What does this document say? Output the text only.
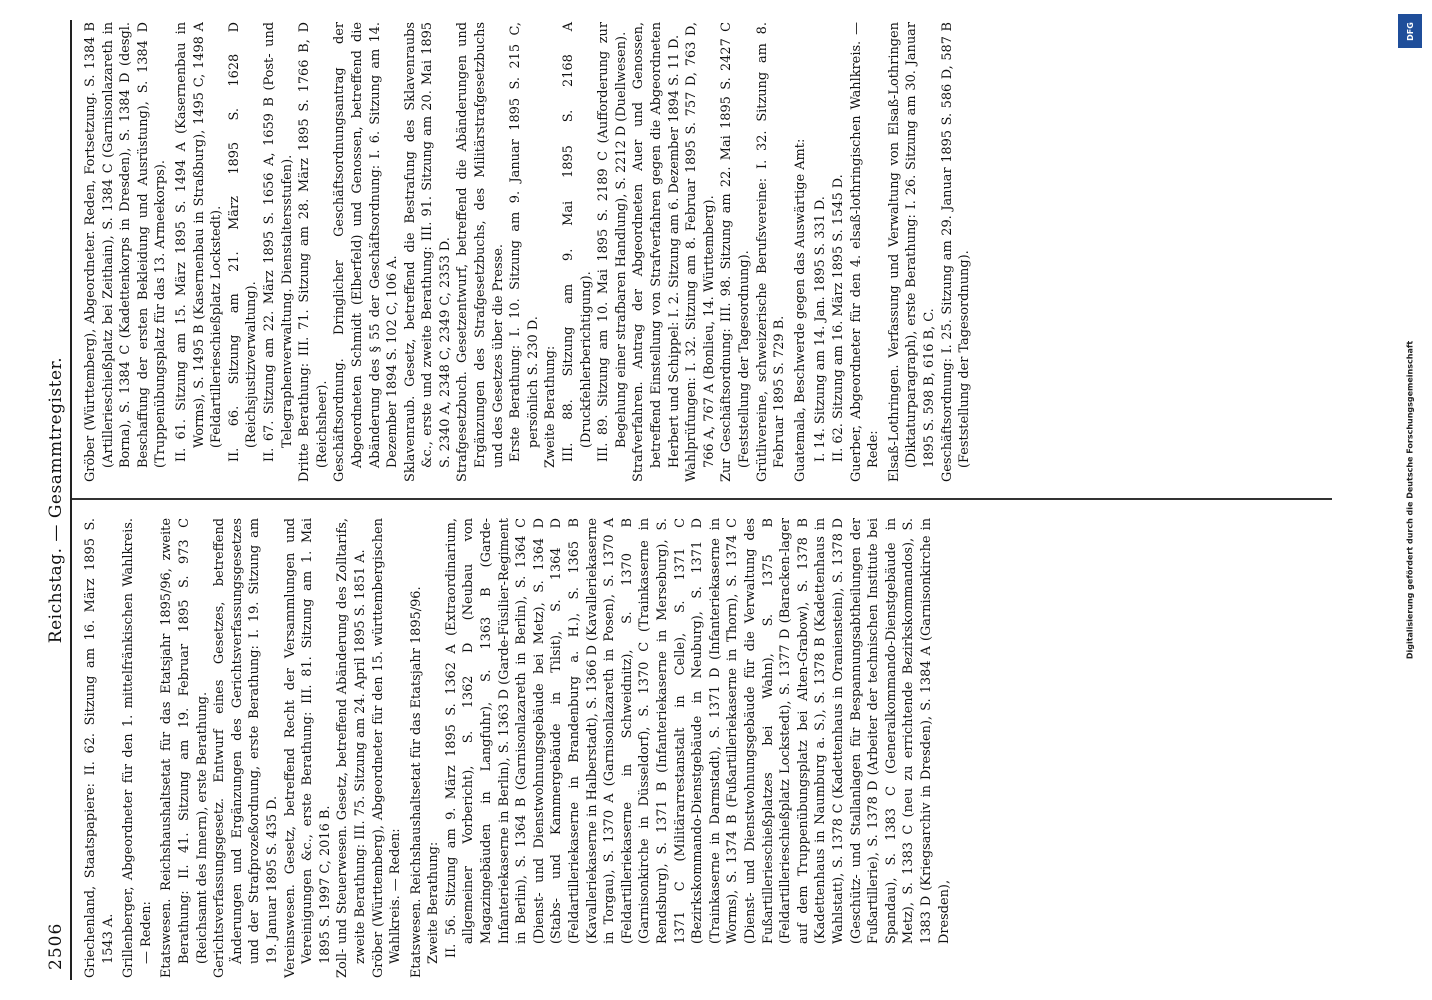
2506
Reichstag. — Gesammtregister.

Griechenland, Staatspapiere: II. 62. Sitzung am 16. März 1895 S. 1543 A. Grillenberger, Abgeordneter für den 1. mittelfränkischen Wahlkreis. — Reden: Etatswesen. Reichshaushaltsetat für das Etatsjahr 1895/96, zweite Berathung: II. 41. Sitzung am 19. Februar 1895 S. 973 C (Reichsamt des Innern), erste Berathung. Gerichtsverfassungsgesetz. Entwurf eines Gesetzes, betreffend Änderungen und Ergänzungen des Gerichtsverfassungsgesetzes und der Strafprozeßordnung, erste Berathung: I. 19. Sitzung am 19. Januar 1895 S. 435 D. Vereinswesen. Gesetz, betreffend Recht der Versammlungen und Vereinigungen &c., erste Berathung: III. 81. Sitzung am 1. Mai 1895 S. 1997 C, 2016 B. Zoll- und Steuerwesen. Gesetz, betreffend Abänderung des Zolltarifs, zweite Berathung: III. 75. Sitzung am 24. April 1895 S. 1851 A. Gröber (Württemberg), Abgeordneter für den 15. württembergischen Wahlkreis. — Reden: Etatswesen. Reichshaushaltsetat für das Etatsjahr 1895/96. Zweite Berathung: II. 56. Sitzung am 9. März 1895 S. 1362 A (Extraordinarium, allgemeiner Vorbericht), S. 1362 D (Neubau von Magazingebäuden in Langfuhr), S. 1363 B (Garde-Infanteriekaserne in Berlin), S. 1363 D (Garde-Füsilier-Regiment in Berlin), S. 1364 B (Garnisonlazareth in Berlin), S. 1364 C (Dienst- und Dienstwohnungsgebäude bei Metz), S. 1364 D (Stabs- und Kammergebäude in Tilsit), S. 1364 D (Feldartilleriekaserne in Brandenburg a. H.), S. 1365 B (Kavalleriekaserne in Halberstadt), S. 1366 D (Kavalleriekaserne in Torgau), S. 1370 A (Garnisonlazareth in Posen), S. 1370 A (Feldartilleriekaserne in Schweidnitz), S. 1370 B (Garnisonkirche in Düsseldorf), S. 1370 C (Trainkaserne in Rendsburg), S. 1371 B (Infanteriekaserne in Merseburg), S. 1371 C (Militärarrestanstalt in Celle), S. 1371 C (Bezirkskommando-Dienstgebäude in Neuburg), S. 1371 D (Trainkaserne in Darmstadt), S. 1371 D (Infanteriekaserne in Worms), S. 1374 B (Fußartilleriekaserne in Thorn), S. 1374 C (Dienst- und Dienstwohnungsgebäude für die Verwaltung des Fußartillerieschießplatzes bei Wahn), S. 1375 B (Feldartillerieschießplatz Lockstedt), S. 1377 D (Baracken-lager auf dem Truppenübungsplatz bei Alten-Grabow), S. 1378 B (Kadettenhaus in Naumburg a. S.), S. 1378 B (Kadettenhaus in Wahlstatt), S. 1378 C (Kadettenhaus in Oranienstein), S. 1378 D (Geschütz- und Stallanlagen für Bespannungsabtheilungen der Fußartillerie), S. 1378 D (Arbeiter der technischen Institute bei Spandau), S. 1383 C (Generalkommando-Dienstgebäude in Metz), S. 1383 C (neu zu errichtende Bezirkskommandos), S. 1383 D (Kriegsarchiv in Dresden), S. 1384 A (Garnisonkirche in Dresden),

Gröber (Württemberg), Abgeordneter. Reden, Fortsetzung. S. 1384 B (Artillerieschießplatz bei Zeithain), S. 1384 C (Garnisonlazareth in Borna), S. 1384 C (Kadettenkorps in Dresden), S. 1384 D (desgl. Beschaffung der ersten Bekleidung und Ausrüstung), S. 1384 D (Truppenübungsplatz für das 13. Armeekorps). II. 61. Sitzung am 15. März 1895 S. 1494 A (Kasernenbau in Worms), S. 1495 B (Kasernenbau in Straßburg), 1495 C, 1498 A (Feldartillerieschießplatz Lockstedt). II. 66. Sitzung am 21. März 1895 S. 1628 D (Reichsjustizverwaltung). II. 67. Sitzung am 22. März 1895 S. 1656 A, 1659 B (Post- und Telegraphenverwaltung. Dienstaltersstufen). Dritte Berathung: III. 71. Sitzung am 28. März 1895 S. 1766 B, D (Reichsheer). Geschäftsordnung. Dringlicher Geschäftsordnungsantrag der Abgeordneten Schmidt (Elberfeld) und Genossen, betreffend die Abänderung des § 55 der Geschäftsordnung: I. 6. Sitzung am 14. Dezember 1894 S. 102 C, 106 A. Sklavenraub. Gesetz, betreffend die Bestrafung des Sklavenraubs &c., erste und zweite Berathung: III. 91. Sitzung am 20. Mai 1895 S. 2340 A, 2348 C, 2349 C, 2353 D. Strafgesetzbuch. Gesetzentwurf, betreffend die Abänderungen und Ergänzungen des Strafgesetzbuchs, des Militärstrafgesetzbuchs und des Gesetzes über die Presse. Erste Berathung: I. 10. Sitzung am 9. Januar 1895 S. 215 C, persönlich S. 230 D. Zweite Berathung: III. 88. Sitzung am 9. Mai 1895 S. 2168 A (Druckfehlerberichtigung). III. 89. Sitzung am 10. Mai 1895 S. 2189 C (Aufforderung zur Begehung einer strafbaren Handlung), S. 2212 D (Duellwesen). Strafverfahren. Antrag der Abgeordneten Auer und Genossen, betreffend Einstellung von Strafverfahren gegen die Abgeordneten Herbert und Schippel: I. 2. Sitzung am 6. Dezember 1894 S. 11 D. Wahlprüfungen: I. 32. Sitzung am 8. Februar 1895 S. 757 D, 763 D, 766 A, 767 A (Bonlieu, 14. Württemberg). Zur Geschäftsordnung: III. 98. Sitzung am 22. Mai 1895 S. 2427 C (Feststellung der Tagesordnung). Grütlivereine, schweizerische Berufsvereine: I. 32. Sitzung am 8. Februar 1895 S. 729 B. Guatemala, Beschwerde gegen das Auswärtige Amt: I. 14. Sitzung am 14. Jan. 1895 S. 331 D. II. 62. Sitzung am 16. März 1895 S. 1545 D. Guerber, Abgeordneter für den 4. elsaß-lothringischen Wahlkreis. — Rede: Elsaß-Lothringen. Verfassung und Verwaltung von Elsaß-Lothringen (Diktaturparagraph), erste Berathung: I. 26. Sitzung am 30. Januar 1895 S. 598 B, 616 B, C. Geschäftsordnung: I. 25. Sitzung am 29. Januar 1895 S. 586 D, 587 B (Feststellung der Tagesordnung).	Digitalisierung gefördert durch die Deutsche Forschungsgemeinschaft
DFG
